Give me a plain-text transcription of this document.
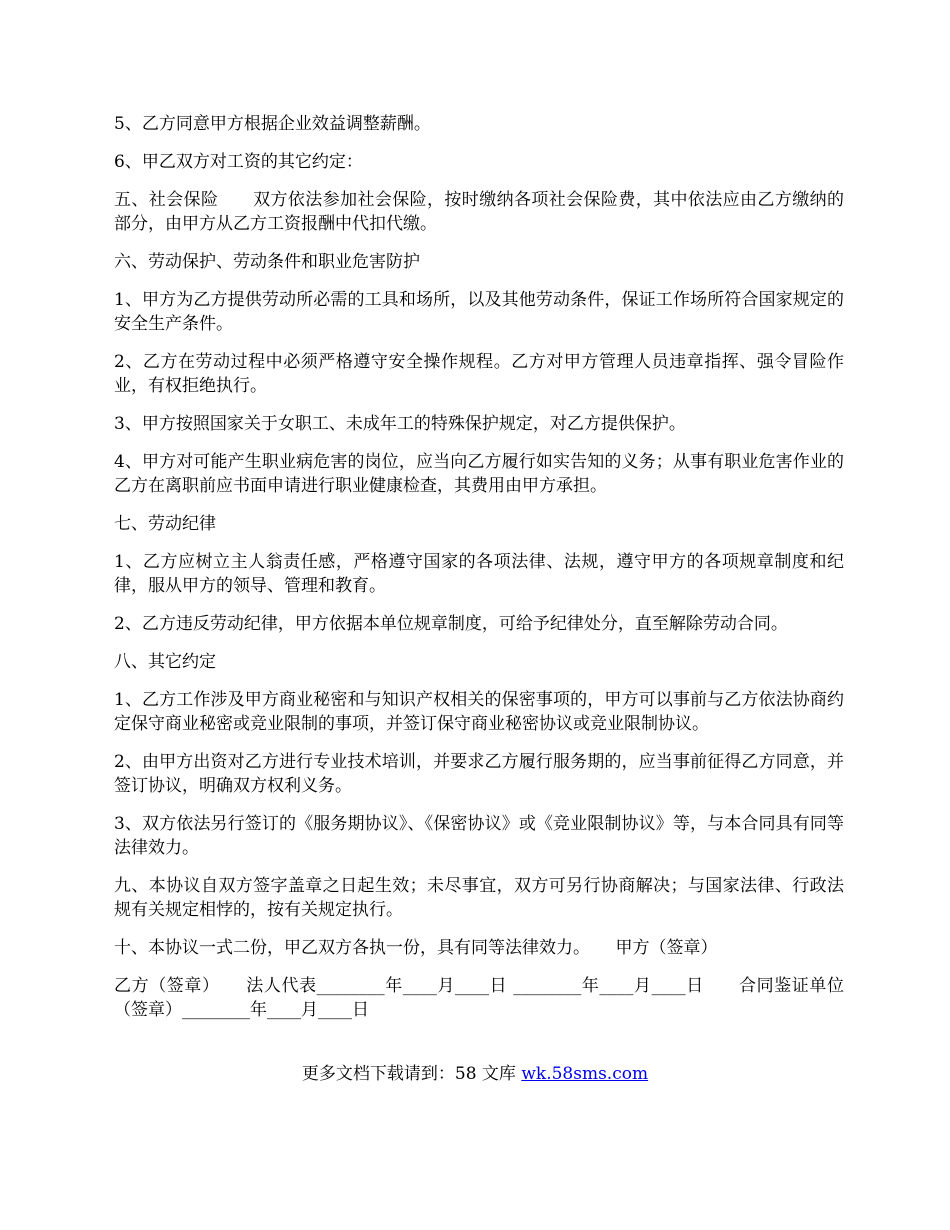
5、乙方同意甲方根据企业效益调整薪酬。

6、甲乙双方对工资的其它约定：

五、社会保险　　双方依法参加社会保险，按时缴纳各项社会保险费，其中依法应由乙方缴纳的部分，由甲方从乙方工资报酬中代扣代缴。

六、劳动保护、劳动条件和职业危害防护

1、甲方为乙方提供劳动所必需的工具和场所，以及其他劳动条件，保证工作场所符合国家规定的安全生产条件。

2、乙方在劳动过程中必须严格遵守安全操作规程。乙方对甲方管理人员违章指挥、强令冒险作业，有权拒绝执行。

3、甲方按照国家关于女职工、未成年工的特殊保护规定，对乙方提供保护。

4、甲方对可能产生职业病危害的岗位，应当向乙方履行如实告知的义务；从事有职业危害作业的乙方在离职前应书面申请进行职业健康检查，其费用由甲方承担。

七、劳动纪律

1、乙方应树立主人翁责任感，严格遵守国家的各项法律、法规，遵守甲方的各项规章制度和纪律，服从甲方的领导、管理和教育。

2、乙方违反劳动纪律，甲方依据本单位规章制度，可给予纪律处分，直至解除劳动合同。

八、其它约定

1、乙方工作涉及甲方商业秘密和与知识产权相关的保密事项的，甲方可以事前与乙方依法协商约定保守商业秘密或竞业限制的事项，并签订保守商业秘密协议或竞业限制协议。

2、由甲方出资对乙方进行专业技术培训，并要求乙方履行服务期的，应当事前征得乙方同意，并签订协议，明确双方权利义务。

3、双方依法另行签订的《服务期协议》、《保密协议》或《竞业限制协议》等，与本合同具有同等法律效力。

九、本协议自双方签字盖章之日起生效；未尽事宜，双方可另行协商解决；与国家法律、行政法规有关规定相悖的，按有关规定执行。

十、本协议一式二份，甲乙双方各执一份，具有同等法律效力。　　甲方（签章）

乙方（签章）　　法人代表________年____月____日 ________年____月____日　　合同鉴证单位（签章）________年____月____日

更多文档下载请到：58 文库 wk.58sms.com
